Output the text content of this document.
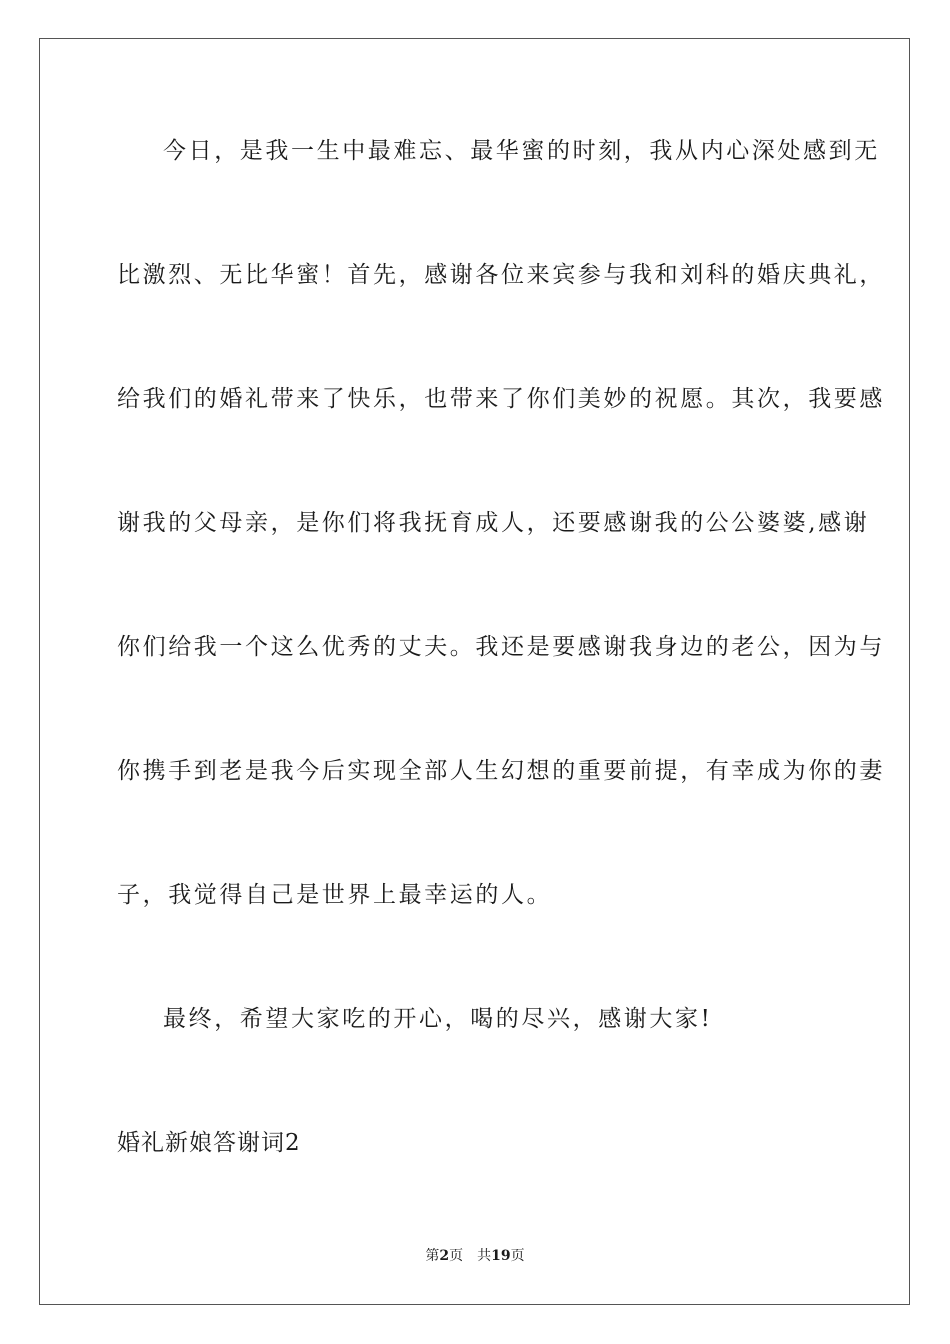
今日，是我一生中最难忘、最华蜜的时刻，我从内心深处感到无
比激烈、无比华蜜！首先，感谢各位来宾参与我和刘科的婚庆典礼，
给我们的婚礼带来了快乐，也带来了你们美妙的祝愿。其次，我要感
谢我的父母亲，是你们将我抚育成人，还要感谢我的公公婆婆,感谢
你们给我一个这么优秀的丈夫。我还是要感谢我身边的老公，因为与
你携手到老是我今后实现全部人生幻想的重要前提，有幸成为你的妻
子，我觉得自己是世界上最幸运的人。
最终，希望大家吃的开心，喝的尽兴，感谢大家!
婚礼新娘答谢词2
第2页 共19页
